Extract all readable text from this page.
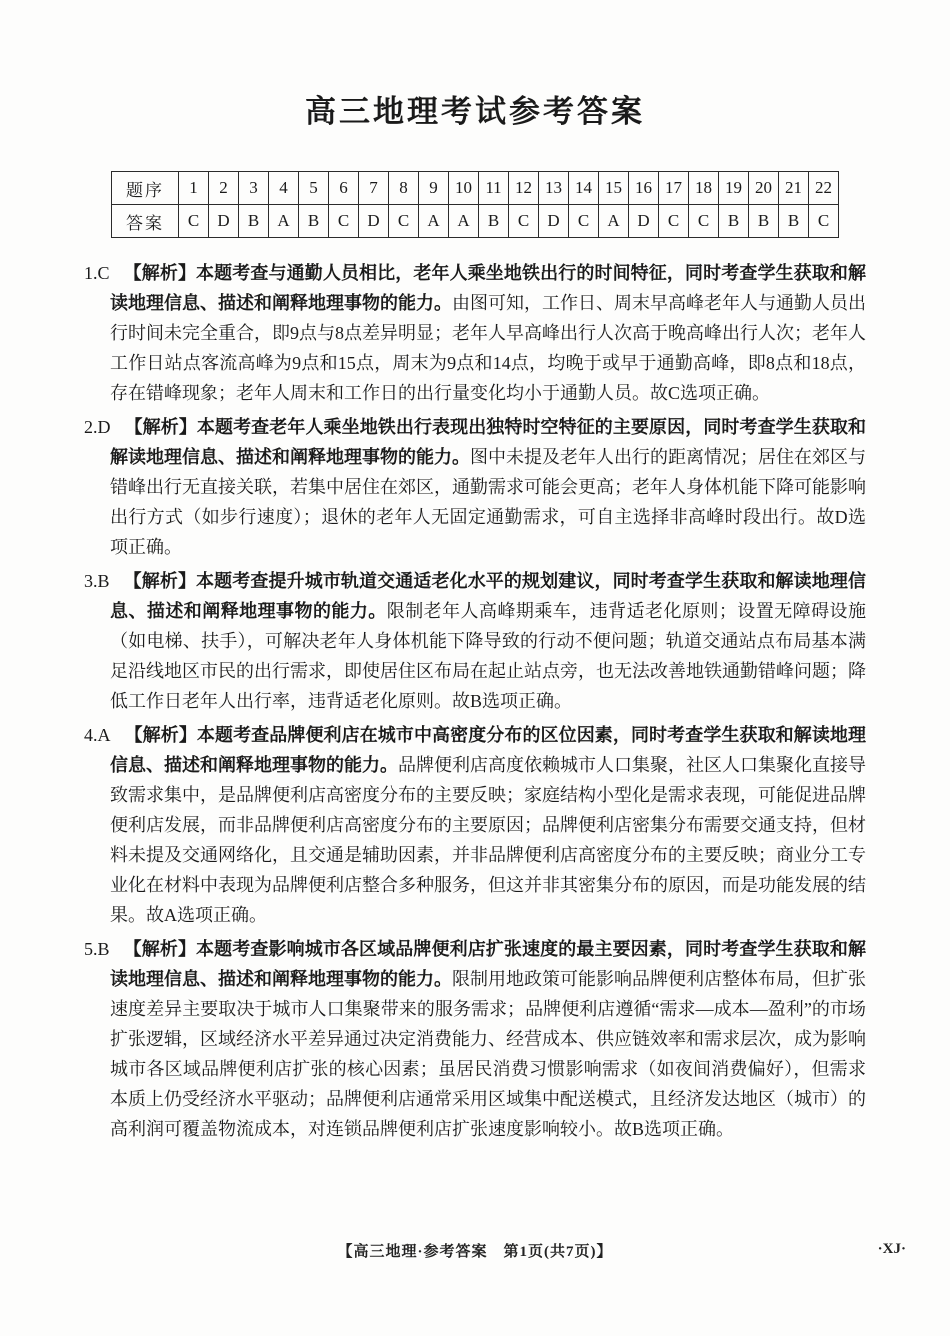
高三地理考试参考答案
题序	1	2	3	4	5	6	7	8	9	10	11	12	13	14	15	16	17	18	19	20	21	22
答案	C	D	B	A	B	C	D	C	A	A	B	C	D	C	A	D	C	C	B	B	B	C

1.C 【解析】本题考查与通勤人员相比，老年人乘坐地铁出行的时间特征，同时考查学生获取和解读地理信息、描述和阐释地理事物的能力。由图可知，工作日、周末早高峰老年人与通勤人员出行时间未完全重合，即9点与8点差异明显；老年人早高峰出行人次高于晚高峰出行人次；老年人工作日站点客流高峰为9点和15点，周末为9点和14点，均晚于或早于通勤高峰，即8点和18点，存在错峰现象；老年人周末和工作日的出行量变化均小于通勤人员。故C选项正确。

2.D 【解析】本题考查老年人乘坐地铁出行表现出独特时空特征的主要原因，同时考查学生获取和解读地理信息、描述和阐释地理事物的能力。图中未提及老年人出行的距离情况；居住在郊区与错峰出行无直接关联，若集中居住在郊区，通勤需求可能会更高；老年人身体机能下降可能影响出行方式（如步行速度）；退休的老年人无固定通勤需求，可自主选择非高峰时段出行。故D选项正确。

3.B 【解析】本题考查提升城市轨道交通适老化水平的规划建议，同时考查学生获取和解读地理信息、描述和阐释地理事物的能力。限制老年人高峰期乘车，违背适老化原则；设置无障碍设施（如电梯、扶手），可解决老年人身体机能下降导致的行动不便问题；轨道交通站点布局基本满足沿线地区市民的出行需求，即使居住区布局在起止站点旁，也无法改善地铁通勤错峰问题；降低工作日老年人出行率，违背适老化原则。故B选项正确。

4.A 【解析】本题考查品牌便利店在城市中高密度分布的区位因素，同时考查学生获取和解读地理信息、描述和阐释地理事物的能力。品牌便利店高度依赖城市人口集聚，社区人口集聚化直接导致需求集中，是品牌便利店高密度分布的主要反映；家庭结构小型化是需求表现，可能促进品牌便利店发展，而非品牌便利店高密度分布的主要原因；品牌便利店密集分布需要交通支持，但材料未提及交通网络化，且交通是辅助因素，并非品牌便利店高密度分布的主要反映；商业分工专业化在材料中表现为品牌便利店整合多种服务，但这并非其密集分布的原因，而是功能发展的结果。故A选项正确。

5.B 【解析】本题考查影响城市各区域品牌便利店扩张速度的最主要因素，同时考查学生获取和解读地理信息、描述和阐释地理事物的能力。限制用地政策可能影响品牌便利店整体布局，但扩张速度差异主要取决于城市人口集聚带来的服务需求；品牌便利店遵循“需求—成本—盈利”的市场扩张逻辑，区域经济水平差异通过决定消费能力、经营成本、供应链效率和需求层次，成为影响城市各区域品牌便利店扩张的核心因素；虽居民消费习惯影响需求（如夜间消费偏好），但需求本质上仍受经济水平驱动；品牌便利店通常采用区域集中配送模式，且经济发达地区（城市）的高利润可覆盖物流成本，对连锁品牌便利店扩张速度影响较小。故B选项正确。

【高三地理·参考答案　第1页(共7页)】	·XJ·
